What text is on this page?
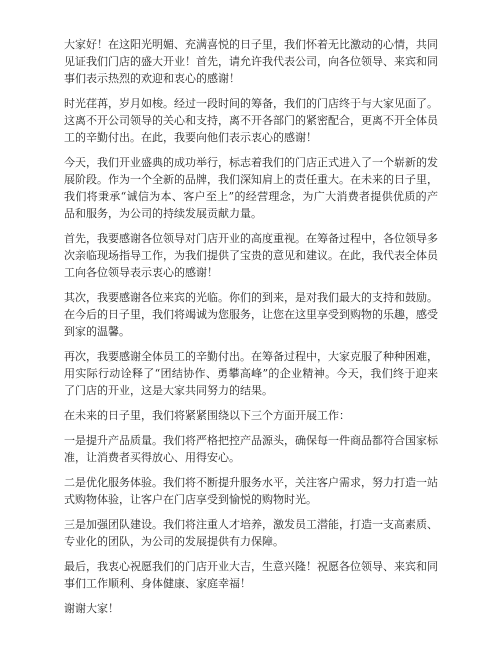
大家好！在这阳光明媚、充满喜悦的日子里，我们怀着无比激动的心情，共同见证我们门店的盛大开业！首先，请允许我代表公司，向各位领导、来宾和同事们表示热烈的欢迎和衷心的感谢！

时光荏苒，岁月如梭。经过一段时间的筹备，我们的门店终于与大家见面了。这离不开公司领导的关心和支持，离不开各部门的紧密配合，更离不开全体员工的辛勤付出。在此，我要向他们表示衷心的感谢！

今天，我们开业盛典的成功举行，标志着我们的门店正式进入了一个崭新的发展阶段。作为一个全新的品牌，我们深知肩上的责任重大。在未来的日子里，我们将秉承“诚信为本、客户至上”的经营理念，为广大消费者提供优质的产品和服务，为公司的持续发展贡献力量。

首先，我要感谢各位领导对门店开业的高度重视。在筹备过程中，各位领导多次亲临现场指导工作，为我们提供了宝贵的意见和建议。在此，我代表全体员工向各位领导表示衷心的感谢！

其次，我要感谢各位来宾的光临。你们的到来，是对我们最大的支持和鼓励。在今后的日子里，我们将竭诚为您服务，让您在这里享受到购物的乐趣，感受到家的温馨。

再次，我要感谢全体员工的辛勤付出。在筹备过程中，大家克服了种种困难，用实际行动诠释了“团结协作、勇攀高峰”的企业精神。今天，我们终于迎来了门店的开业，这是大家共同努力的结果。

在未来的日子里，我们将紧紧围绕以下三个方面开展工作：

一是提升产品质量。我们将严格把控产品源头，确保每一件商品都符合国家标准，让消费者买得放心、用得安心。

二是优化服务体验。我们将不断提升服务水平，关注客户需求，努力打造一站式购物体验，让客户在门店享受到愉悦的购物时光。

三是加强团队建设。我们将注重人才培养，激发员工潜能，打造一支高素质、专业化的团队，为公司的发展提供有力保障。

最后，我衷心祝愿我们的门店开业大吉，生意兴隆！祝愿各位领导、来宾和同事们工作顺利、身体健康、家庭幸福！

谢谢大家！
